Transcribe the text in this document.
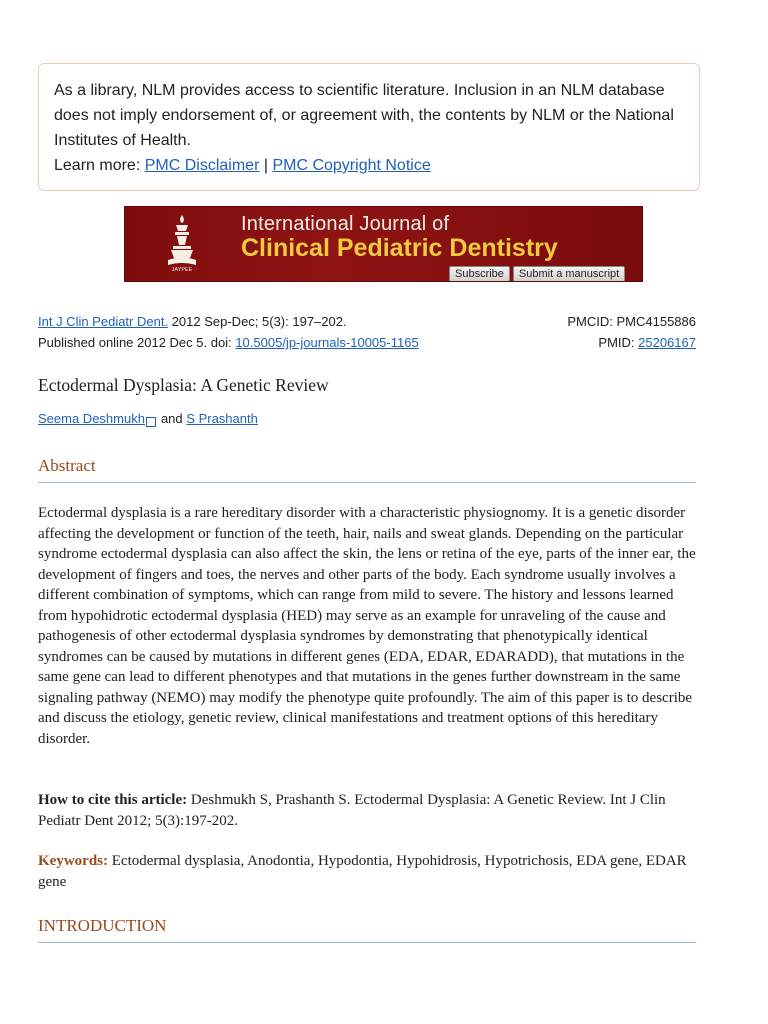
As a library, NLM provides access to scientific literature. Inclusion in an NLM database does not imply endorsement of, or agreement with, the contents by NLM or the National Institutes of Health.
Learn more: PMC Disclaimer | PMC Copyright Notice
JAYPEE
International Journal of
Clinical Pediatric Dentistry
Subscribe	Submit a manuscript
Int J Clin Pediatr Dent. 2012 Sep-Dec; 5(3): 197–202.	PMCID: PMC4155886
Published online 2012 Dec 5. doi: 10.5005/jp-journals-10005-1165	PMID: 25206167
Ectodermal Dysplasia: A Genetic Review
Seema Deshmukh and S Prashanth
Abstract

Ectodermal dysplasia is a rare hereditary disorder with a characteristic physiognomy. It is a genetic disorder affecting the development or function of the teeth, hair, nails and sweat glands. Depending on the particular syndrome ectodermal dysplasia can also affect the skin, the lens or retina of the eye, parts of the inner ear, the development of fingers and toes, the nerves and other parts of the body. Each syndrome usually involves a different combination of symptoms, which can range from mild to severe. The history and lessons learned from hypohidrotic ectodermal dysplasia (HED) may serve as an example for unraveling of the cause and pathogenesis of other ectodermal dysplasia syndromes by demonstrating that phenotypically identical syndromes can be caused by mutations in different genes (EDA, EDAR, EDARADD), that mutations in the same gene can lead to different phenotypes and that mutations in the genes further downstream in the same signaling pathway (NEMO) may modify the phenotype quite profoundly. The aim of this paper is to describe and discuss the etiology, genetic review, clinical manifestations and treatment options of this hereditary disorder.

How to cite this article: Deshmukh S, Prashanth S. Ectodermal Dysplasia: A Genetic Review. Int J Clin Pediatr Dent 2012; 5(3):197-202.

Keywords: Ectodermal dysplasia, Anodontia, Hypodontia, Hypohidrosis, Hypotrichosis, EDA gene, EDAR gene

INTRODUCTION
